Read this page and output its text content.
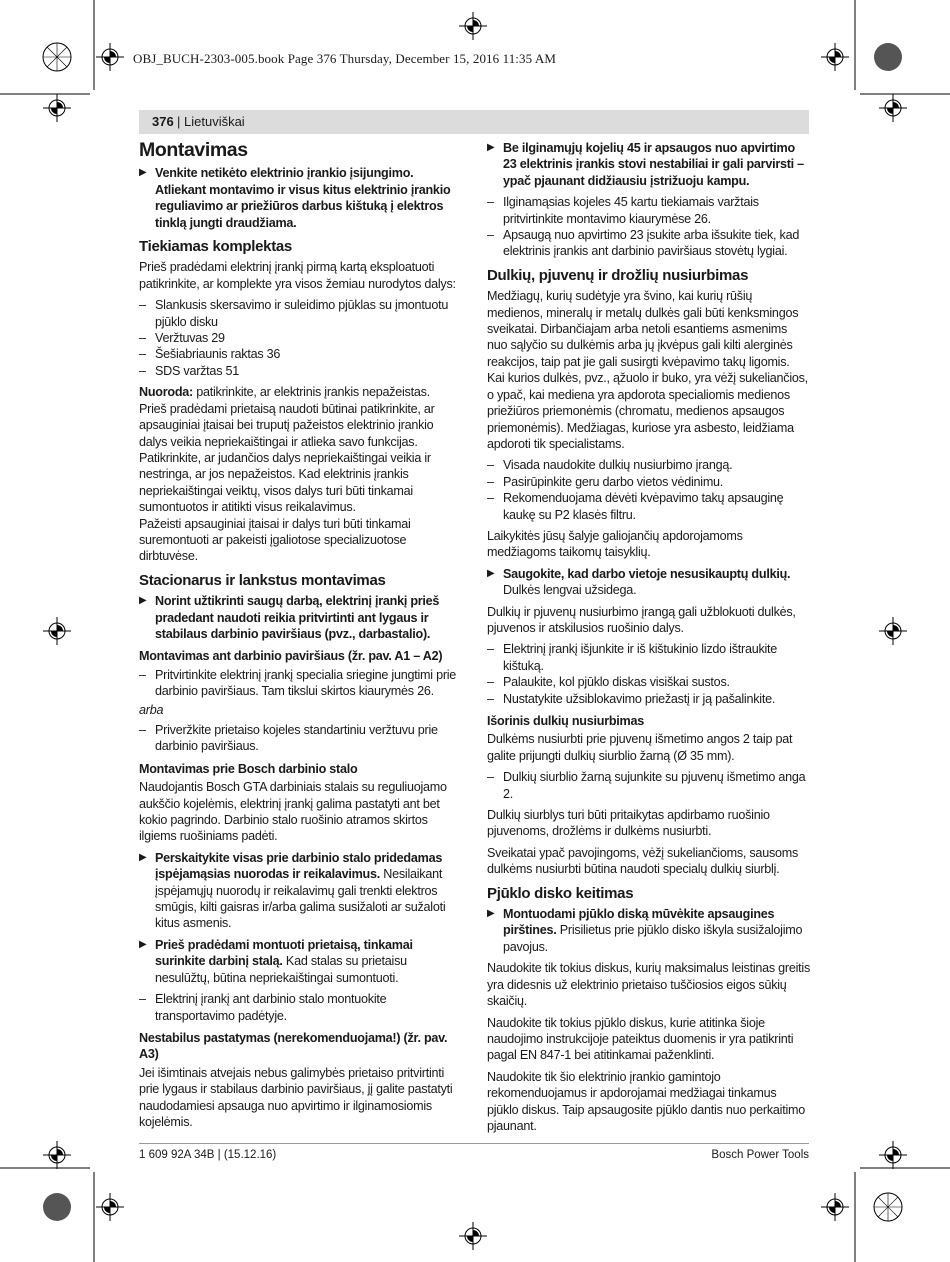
OBJ_BUCH-2303-005.book Page 376 Thursday, December 15, 2016 11:35 AM
376 | Lietuviškai
Montavimas
▶ Venkite netikėto elektrinio įrankio įsijungimo. Atliekant montavimo ir visus kitus elektrinio įrankio reguliavimo ar priežiūros darbus kištuką į elektros tinklą jungti draudžiama.
Tiekiamas komplektas

Prieš pradėdami elektrinį įrankį pirmą kartą eksploatuoti patikrinkite, ar komplekte yra visos žemiau nurodytos dalys:

– Slankusis skersavimo ir suleidimo pjūklas su įmontuotu pjūklo disku
– Veržtuvas 29
– Šešiabriaunis raktas 36
– SDS varžtas 51

Nuoroda: patikrinkite, ar elektrinis įrankis nepažeistas.

Prieš pradėdami prietaisą naudoti būtinai patikrinkite, ar apsauginiai įtaisai bei truputį pažeistos elektrinio įrankio dalys veikia nepriekaištingai ir atlieka savo funkcijas. Patikrinkite, ar judančios dalys nepriekaištingai veikia ir nestringa, ar jos nepažeistos. Kad elektrinis įrankis nepriekaištingai veiktų, visos dalys turi būti tinkamai sumontuotos ir atitikti visus reikalavimus.

Pažeisti apsauginiai įtaisai ir dalys turi būti tinkamai suremontuoti ar pakeisti įgaliotose specializuotose dirbtuvėse.

Stacionarus ir lankstus montavimas
▶ Norint užtikrinti saugų darbą, elektrinį įrankį prieš pradedant naudoti reikia pritvirtinti ant lygaus ir stabilaus darbinio paviršiaus (pvz., darbastalio).
Montavimas ant darbinio paviršiaus (žr. pav. A1 – A2)
– Pritvirtinkite elektrinį įrankį specialia sriegine jungtimi prie darbinio paviršiaus. Tam tikslui skirtos kiaurymės 26.
arba
– Priveržkite prietaiso kojeles standartiniu veržtuvu prie darbinio paviršiaus.
Montavimas prie Bosch darbinio stalo

Naudojantis Bosch GTA darbiniais stalais su reguliuojamo aukščio kojelėmis, elektrinį įrankį galima pastatyti ant bet kokio pagrindo. Darbinio stalo ruošinio atramos skirtos ilgiems ruošiniams padėti.

▶ Perskaitykite visas prie darbinio stalo pridedamas įspėjamąsias nuorodas ir reikalavimus. Nesilaikant įspėjamųjų nuorodų ir reikalavimų gali trenkti elektros smūgis, kilti gaisras ir/arba galima susižaloti ar sužaloti kitus asmenis.
▶ Prieš pradėdami montuoti prietaisą, tinkamai surinkite darbinį stalą. Kad stalas su prietaisu nesulūžtų, būtina nepriekaištingai sumontuoti.
– Elektrinį įrankį ant darbinio stalo montuokite transportavimo padėtyje.
Nestabilus pastatymas (nerekomenduojama!) (žr. pav. A3)

Jei išimtinais atvejais nebus galimybės prietaiso pritvirtinti prie lygaus ir stabilaus darbinio paviršiaus, jį galite pastatyti naudodamiesi apsauga nuo apvirtimo ir ilginamosiomis kojelėmis.

▶ Be ilginamųjų kojelių 45 ir apsaugos nuo apvirtimo 23 elektrinis įrankis stovi nestabiliai ir gali parvirsti – ypač pjaunant didžiausiu įstrižuoju kampu.
– Ilginamąsias kojeles 45 kartu tiekiamais varžtais pritvirtinkite montavimo kiaurymėse 26.
– Apsaugą nuo apvirtimo 23 įsukite arba išsukite tiek, kad elektrinis įrankis ant darbinio paviršiaus stovėtų lygiai.
Dulkių, pjuvenų ir drožlių nusiurbimas

Medžiagų, kurių sudėtyje yra švino, kai kurių rūšių medienos, mineralų ir metalų dulkės gali būti kenksmingos sveikatai. Dirbančiajam arba netoli esantiems asmenims nuo sąlyčio su dulkėmis arba jų įkvėpus gali kilti alerginės reakcijos, taip pat jie gali susirgti kvėpavimo takų ligomis.

Kai kurios dulkės, pvz., ąžuolo ir buko, yra vėžį sukeliančios, o ypač, kai mediena yra apdorota specialiomis medienos priežiūros priemonėmis (chromatu, medienos apsaugos priemonėmis). Medžiagas, kuriose yra asbesto, leidžiama apdoroti tik specialistams.

– Visada naudokite dulkių nusiurbimo įrangą.
– Pasirūpinkite geru darbo vietos vėdinimu.
– Rekomenduojama dėvėti kvėpavimo takų apsauginę kaukę su P2 klasės filtru.

Laikykitės jūsų šalyje galiojančių apdorojamoms medžiagoms taikomų taisyklių.

▶ Saugokite, kad darbo vietoje nesusikauptų dulkių. Dulkės lengvai užsidega.

Dulkių ir pjuvenų nusiurbimo įrangą gali užblokuoti dulkės, pjuvenos ir atskilusios ruošinio dalys.

– Elektrinį įrankį išjunkite ir iš kištukinio lizdo ištraukite kištuką.
– Palaukite, kol pjūklo diskas visiškai sustos.
– Nustatykite užsiblokavimo priežastį ir ją pašalinkite.
Išorinis dulkių nusiurbimas

Dulkėms nusiurbti prie pjuvenų išmetimo angos 2 taip pat galite prijungti dulkių siurblio žarną (Ø 35 mm).

– Dulkių siurblio žarną sujunkite su pjuvenų išmetimo anga 2.

Dulkių siurblys turi būti pritaikytas apdirbamo ruošinio pjuvenoms, drožlėms ir dulkėms nusiurbti.

Sveikatai ypač pavojingoms, vėžį sukeliančioms, sausoms dulkėms nusiurbti būtina naudoti specialų dulkių siurblį.

Pjūklo disko keitimas
▶ Montuodami pjūklo diską mūvėkite apsaugines pirštines. Prisilietus prie pjūklo disko iškyla susižalojimo pavojus.

Naudokite tik tokius diskus, kurių maksimalus leistinas greitis yra didesnis už elektrinio prietaiso tuščiosios eigos sūkių skaičių.

Naudokite tik tokius pjūklo diskus, kurie atitinka šioje naudojimo instrukcijoje pateiktus duomenis ir yra patikrinti pagal EN 847-1 bei atitinkamai paženklinti.

Naudokite tik šio elektrinio įrankio gamintojo rekomenduojamus ir apdorojamai medžiagai tinkamus pjūklo diskus. Taip apsaugosite pjūklo dantis nuo perkaitimo pjaunant.

1 609 92A 34B | (15.12.16)	Bosch Power Tools
